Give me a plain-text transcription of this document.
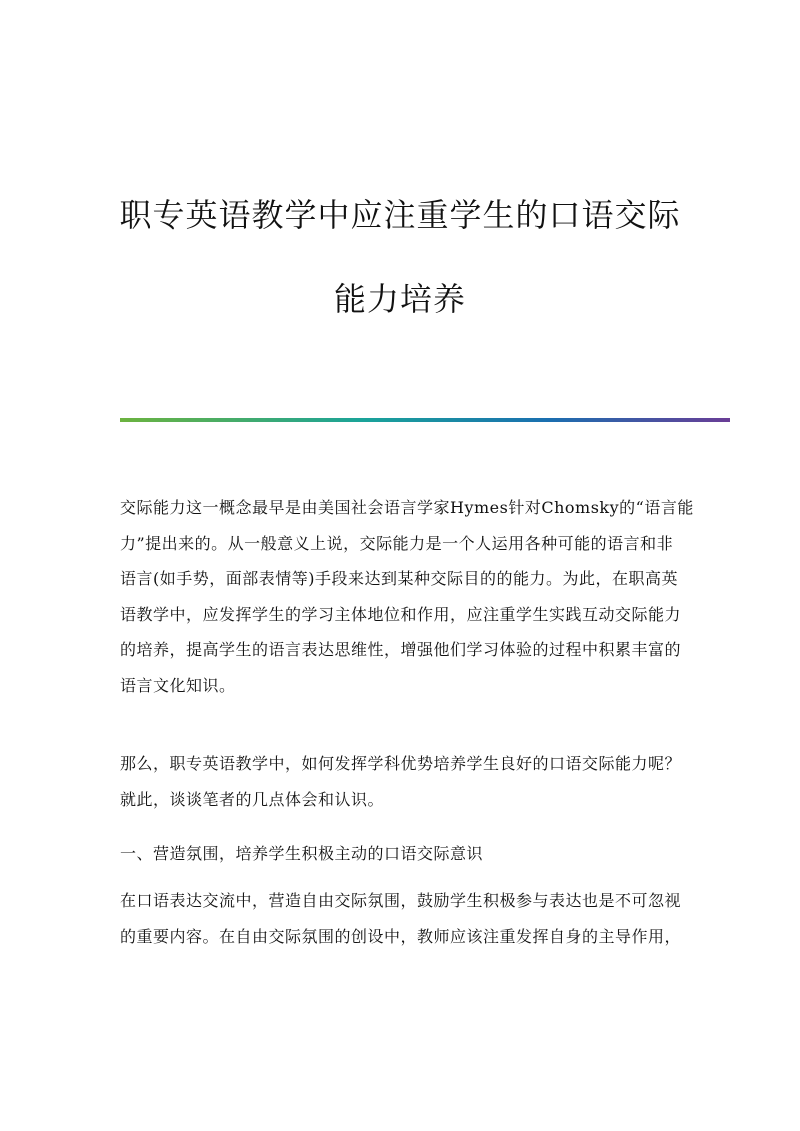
职专英语教学中应注重学生的口语交际
能力培养

交际能力这一概念最早是由美国社会语言学家Hymes针对Chomsky的“语言能
力”提出来的。从一般意义上说，交际能力是一个人运用各种可能的语言和非
语言(如手势，面部表情等)手段来达到某种交际目的的能力。为此，在职高英
语教学中，应发挥学生的学习主体地位和作用，应注重学生实践互动交际能力
的培养，提高学生的语言表达思维性，增强他们学习体验的过程中积累丰富的
语言文化知识。

那么，职专英语教学中，如何发挥学科优势培养学生良好的口语交际能力呢？
就此，谈谈笔者的几点体会和认识。

一、营造氛围，培养学生积极主动的口语交际意识

在口语表达交流中，营造自由交际氛围，鼓励学生积极参与表达也是不可忽视
的重要内容。在自由交际氛围的创设中，教师应该注重发挥自身的主导作用，
